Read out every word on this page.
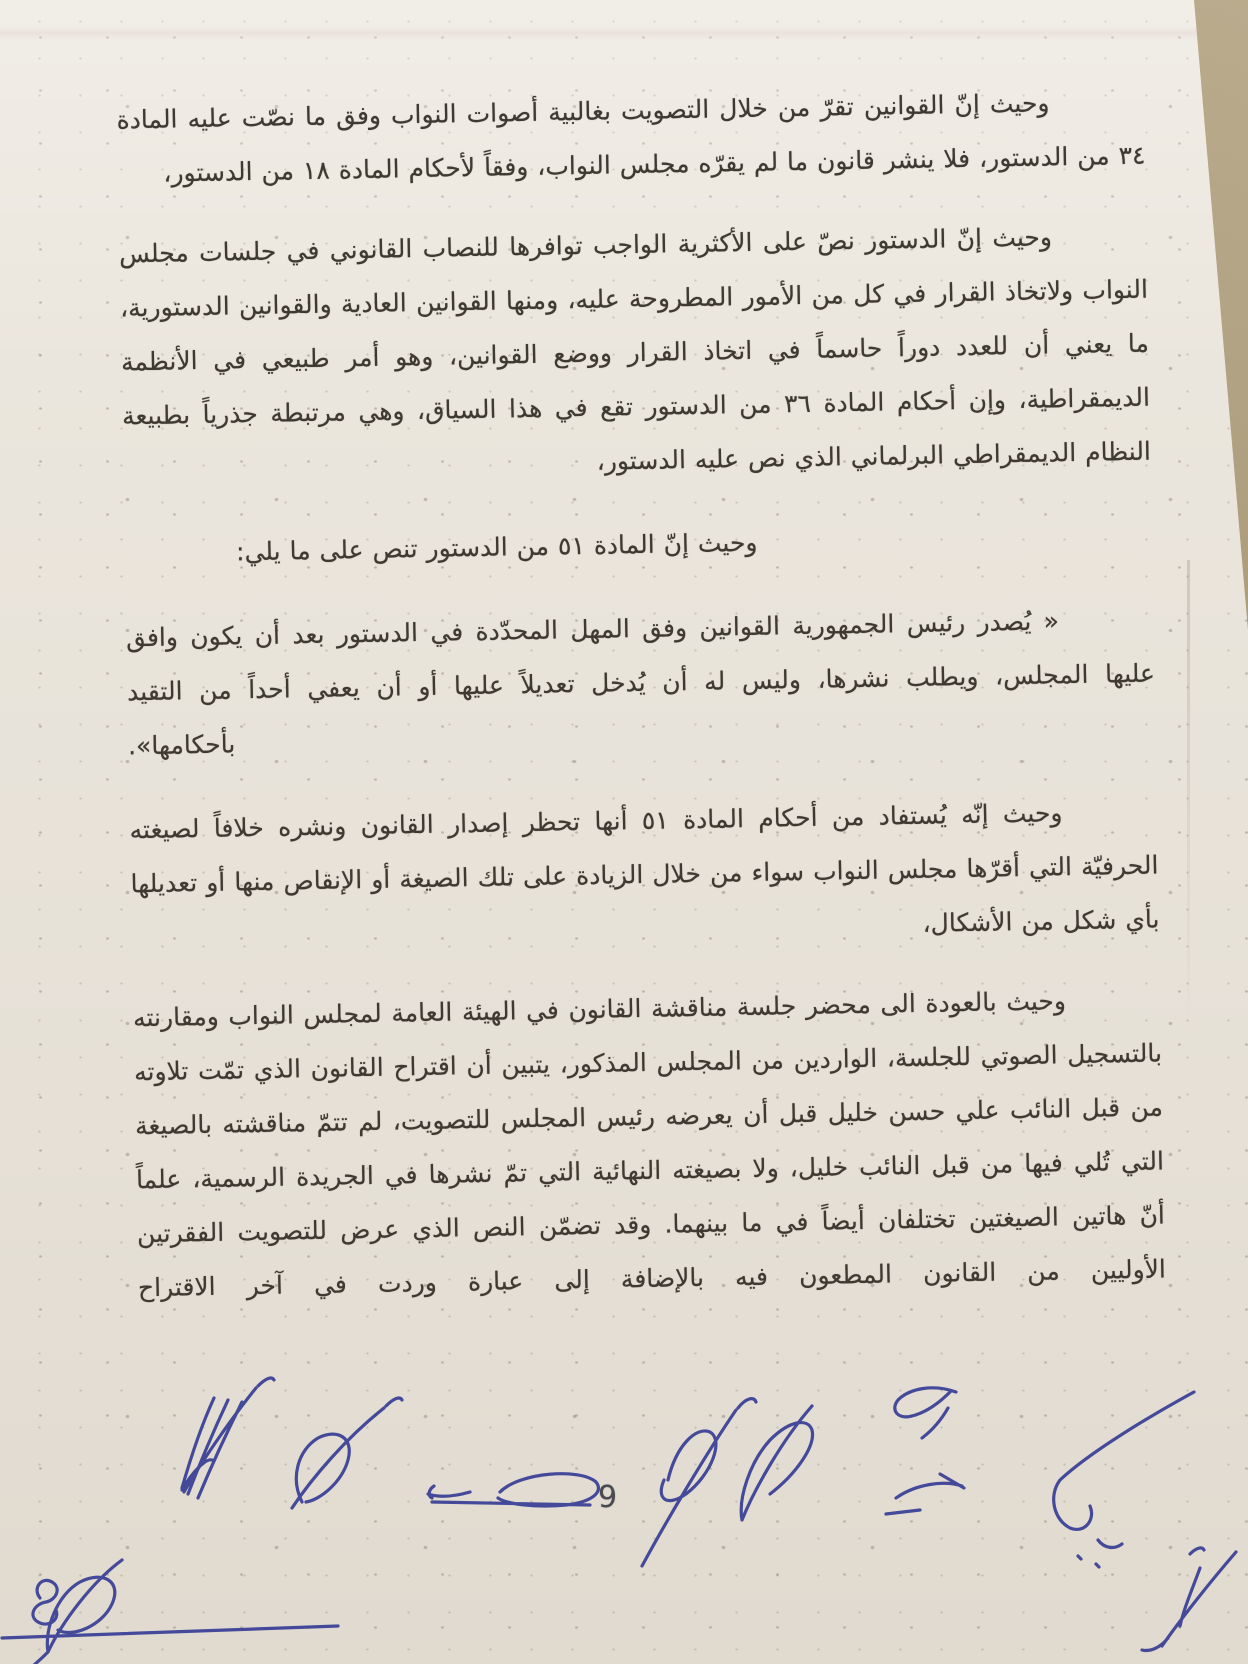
وحيث إنّ القوانين تقرّ من خلال التصويت بغالبية أصوات النواب وفق ما نصّت عليه المادة ٣٤ من الدستور، فلا ينشر قانون ما لم يقرّه مجلس النواب، وفقاً لأحكام المادة ١٨ من الدستور،

وحيث إنّ الدستور نصّ على الأكثرية الواجب توافرها للنصاب القانوني في جلسات مجلس النواب ولاتخاذ القرار في كل من الأمور المطروحة عليه، ومنها القوانين العادية والقوانين الدستورية، ما يعني أن للعدد دوراً حاسماً في اتخاذ القرار ووضع القوانين، وهو أمر طبيعي في الأنظمة الديمقراطية، وإن أحكام المادة ٣٦ من الدستور تقع في هذا السياق، وهي مرتبطة جذرياً بطبيعة النظام الديمقراطي البرلماني الذي نص عليه الدستور،

وحيث إنّ المادة ٥١ من الدستور تنص على ما يلي:

« يُصدر رئيس الجمهورية القوانين وفق المهل المحدّدة في الدستور بعد أن يكون وافق عليها المجلس، ويطلب نشرها، وليس له أن يُدخل تعديلاً عليها أو أن يعفي أحداً من التقيد بأحكامها».

وحيث إنّه يُستفاد من أحكام المادة ٥١ أنها تحظر إصدار القانون ونشره خلافاً لصيغته الحرفيّة التي أقرّها مجلس النواب سواء من خلال الزيادة على تلك الصيغة أو الإنقاص منها أو تعديلها بأي شكل من الأشكال،

وحيث بالعودة الى محضر جلسة مناقشة القانون في الهيئة العامة لمجلس النواب ومقارنته بالتسجيل الصوتي للجلسة، الواردين من المجلس المذكور، يتبين أن اقتراح القانون الذي تمّت تلاوته من قبل النائب علي حسن خليل قبل أن يعرضه رئيس المجلس للتصويت، لم تتمّ مناقشته بالصيغة التي تُلي فيها من قبل النائب خليل، ولا بصيغته النهائية التي تمّ نشرها في الجريدة الرسمية، علماً أنّ هاتين الصيغتين تختلفان أيضاً في ما بينهما. وقد تضمّن النص الذي عرض للتصويت الفقرتين الأوليين من القانون المطعون فيه بالإضافة إلى عبارة وردت في آخر الاقتراح

9
